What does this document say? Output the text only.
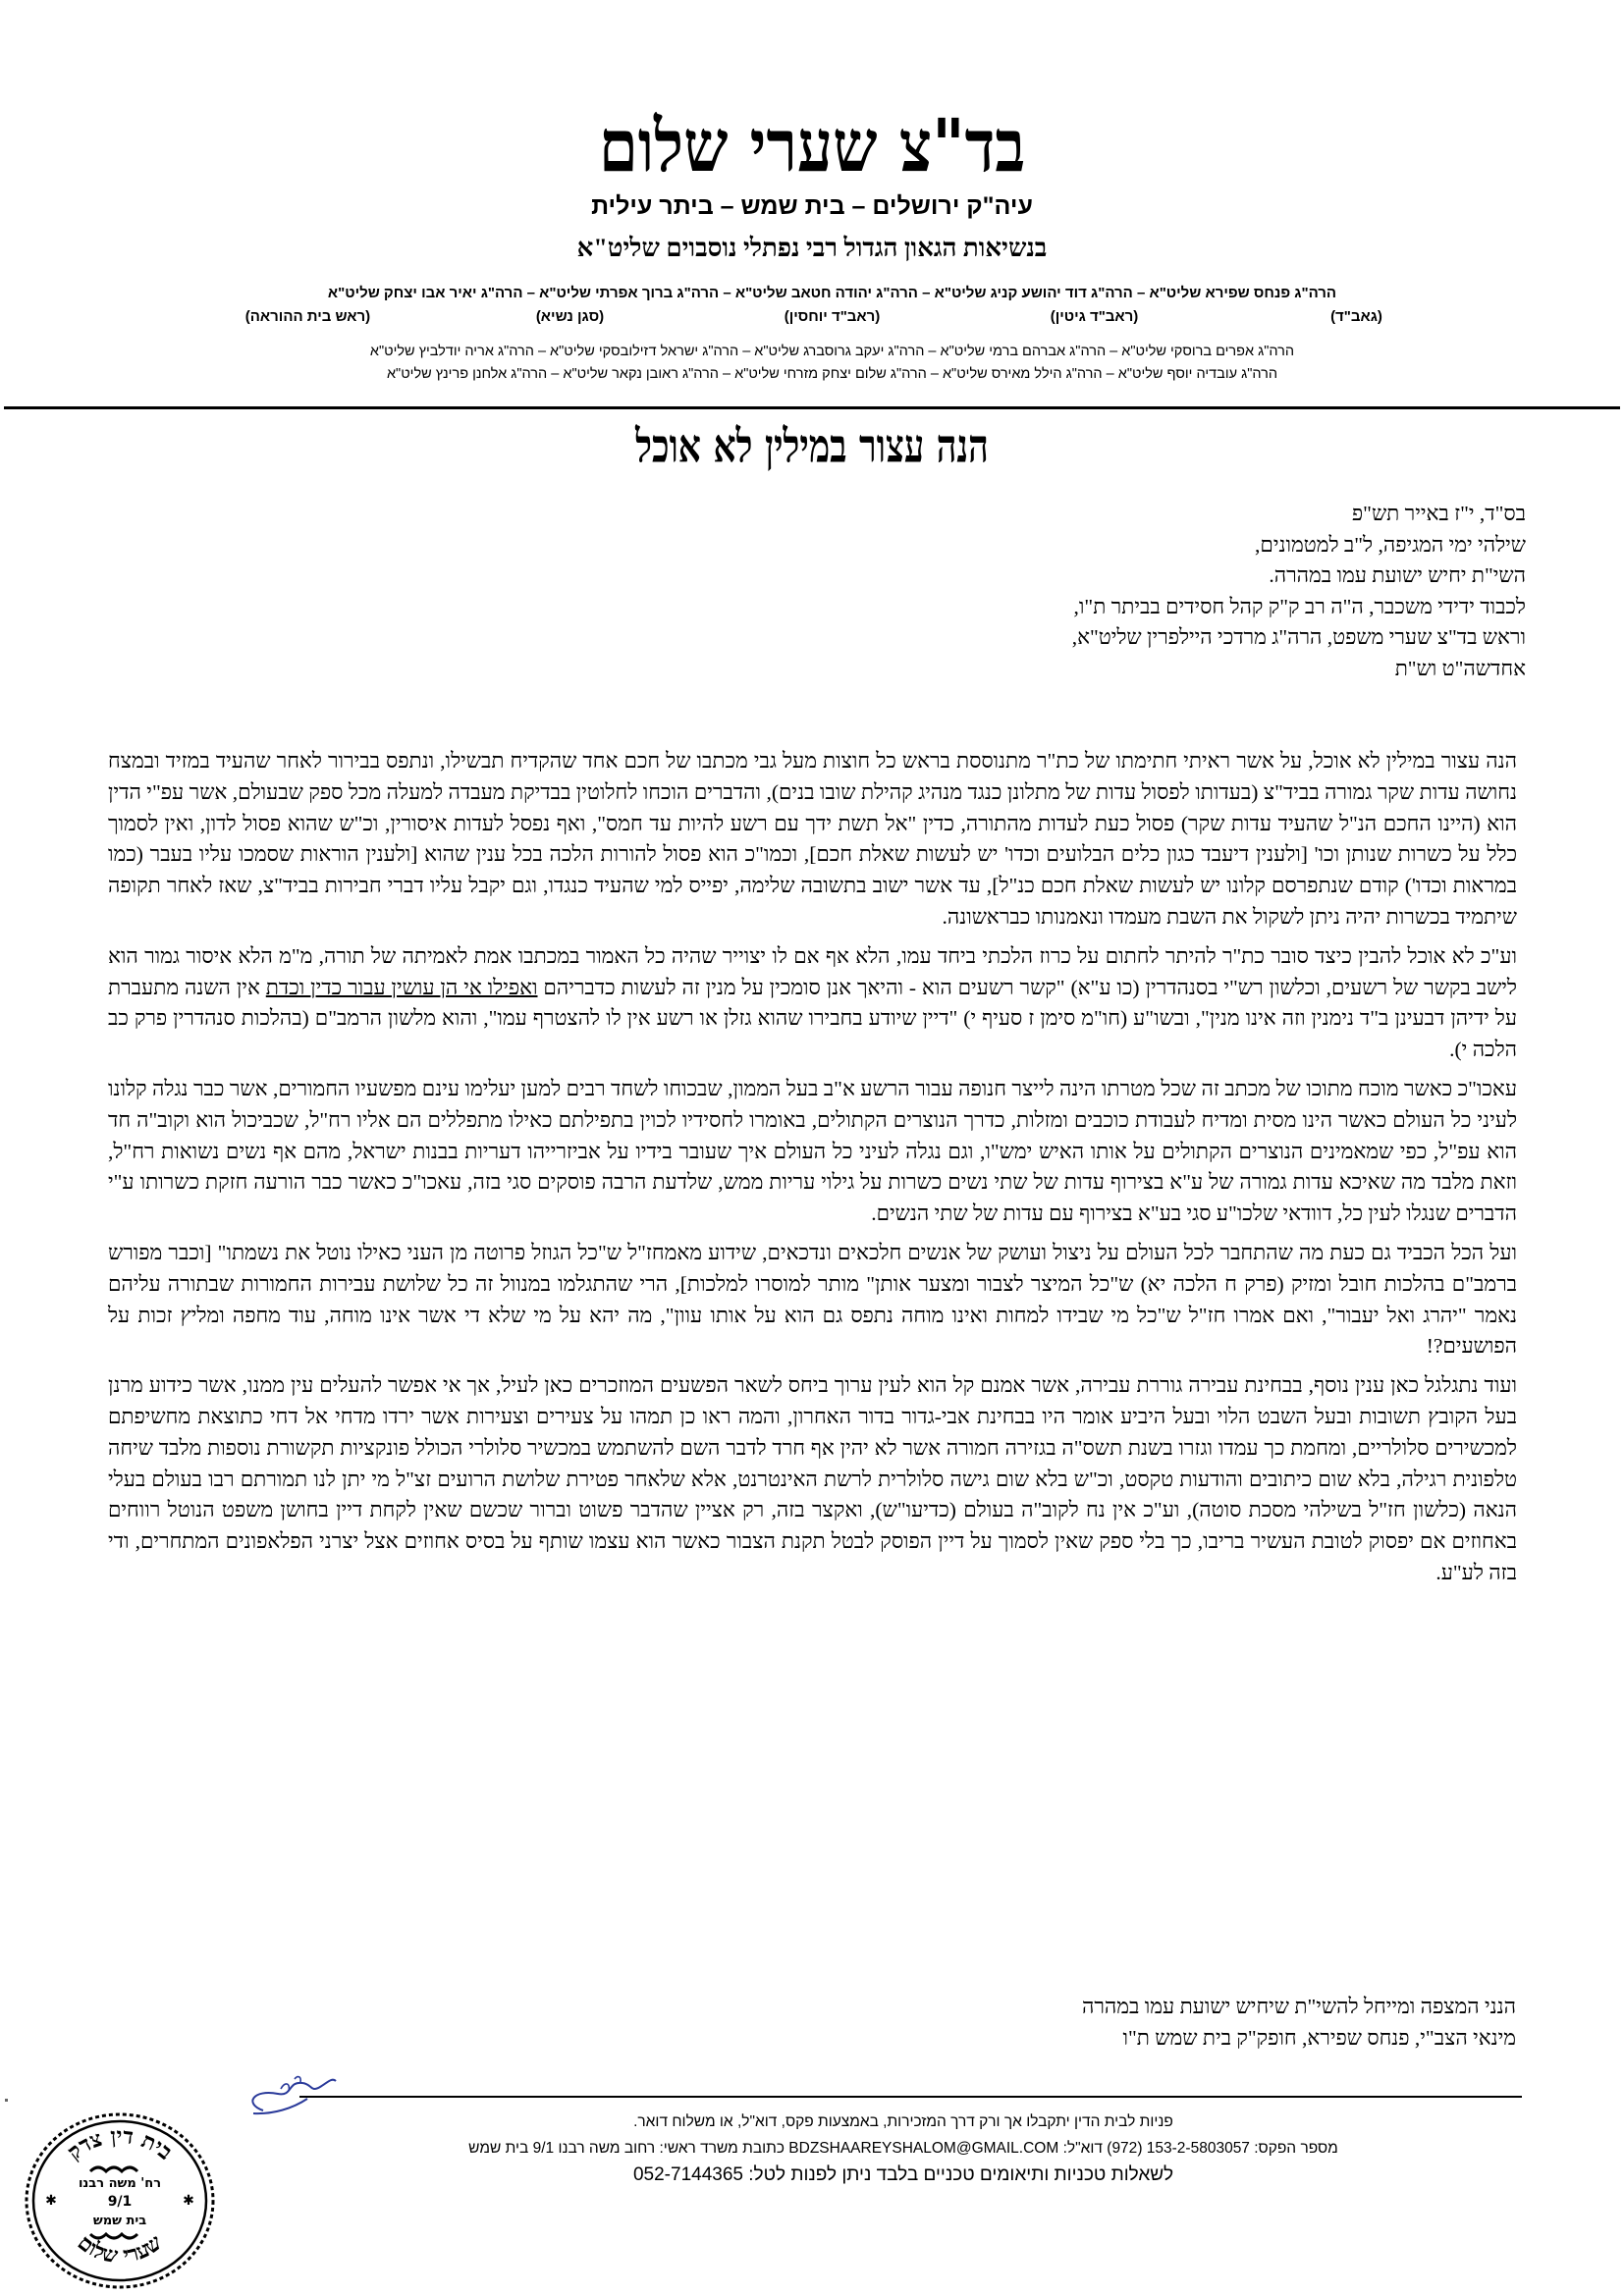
בד"צ שערי שלום
עיה"ק ירושלים – בית שמש – ביתר עילית
בנשיאות הגאון הגדול רבי נפתלי נוסבוים שליט"א
הרה"ג פנחס שפירא שליט"א – הרה"ג דוד יהושע קניג שליט"א – הרה"ג יהודה חטאב שליט"א – הרה"ג ברוך אפרתי שליט"א – הרה"ג יאיר אבו יצחק שליט"א
(גאב"ד)
(ראב"ד גיטין)
(ראב"ד יוחסין)
(סגן נשיא)
(ראש בית ההוראה)
הרה"ג אפרים ברוסקי שליט"א – הרה"ג אברהם ברמי שליט"א – הרה"ג יעקב גרוסברג שליט"א – הרה"ג ישראל דזילובסקי שליט"א – הרה"ג אריה יודלביץ שליט"א
הרה"ג עובדיה יוסף שליט"א – הרה"ג הילל מאירס שליט"א – הרה"ג שלום יצחק מזרחי שליט"א – הרה"ג ראובן נקאר שליט"א – הרה"ג אלחנן פרינץ שליט"א
הנה עצור במילין לא אוכל
בס"ד, י"ז באייר תש"פ
שילהי ימי המגיפה, ל"ב למטמונים,
השי"ת יחיש ישועת עמו במהרה.
לכבוד ידידי משכבר, ה"ה רב ק"ק קהל חסידים בביתר ת"ו,
וראש בד"צ שערי משפט, הרה"ג מרדכי היילפרין שליט"א,
אחדשה"ט וש"ת

הנה עצור במילין לא אוכל, על אשר ראיתי חתימתו של כת"ר מתנוססת בראש כל חוצות מעל גבי מכתבו של חכם אחד שהקדיח תבשילו, ונתפס בבירור לאחר שהעיד במזיד ובמצח נחושה עדות שקר גמורה בביד"צ (בעדותו לפסול עדות של מתלונן כנגד מנהיג קהילת שובו בנים), והדברים הוכחו לחלוטין בבדיקת מעבדה למעלה מכל ספק שבעולם, אשר עפ"י הדין הוא (היינו החכם הנ"ל שהעיד עדות שקר) פסול כעת לעדות מהתורה, כדין "אל תשת ידך עם רשע להיות עד חמס", ואף נפסל לעדות איסורין, וכ"ש שהוא פסול לדון, ואין לסמוך כלל על כשרות שנותן וכו' [ולענין דיעבד כגון כלים הבלועים וכדו' יש לעשות שאלת חכם], וכמו"כ הוא פסול להורות הלכה בכל ענין שהוא [ולענין הוראות שסמכו עליו בעבר (כמו במראות וכדו') קודם שנתפרסם קלונו יש לעשות שאלת חכם כנ"ל], עד אשר ישוב בתשובה שלימה, יפייס למי שהעיד כנגדו, וגם יקבל עליו דברי חבירות בביד"צ, שאז לאחר תקופה שיתמיד בכשרות יהיה ניתן לשקול את השבת מעמדו ונאמנותו כבראשונה.

וע"כ לא אוכל להבין כיצד סובר כת"ר להיתר לחתום על כרוז הלכתי ביחד עמו, הלא אף אם לו יצוייר שהיה כל האמור במכתבו אמת לאמיתה של תורה, מ"מ הלא איסור גמור הוא לישב בקשר של רשעים, וכלשון רש"י בסנהדרין (כו ע"א) "קשר רשעים הוא - והיאך אנן סומכין על מנין זה לעשות כדבריהם ואפילו אי הן עושין עבור כדין וכדת אין השנה מתעברת על ידיהן דבעינן ב"ד נימנין וזה אינו מנין", ובשו"ע (חו"מ סימן ז סעיף י) "דיין שיודע בחבירו שהוא גזלן או רשע אין לו להצטרף עמו", והוא מלשון הרמב"ם (בהלכות סנהדרין פרק כב הלכה י).

עאכו"כ כאשר מוכח מתוכו של מכתב זה שכל מטרתו הינה לייצר חנופה עבור הרשע א"ב בעל הממון, שבכוחו לשחד רבים למען יעלימו עינם מפשעיו החמורים, אשר כבר נגלה קלונו לעיני כל העולם כאשר הינו מסית ומדיח לעבודת כוכבים ומזלות, כדרך הנוצרים הקתולים, באומרו לחסידיו לכוין בתפילתם כאילו מתפללים הם אליו רח"ל, שכביכול הוא וקוב"ה חד הוא עפ"ל, כפי שמאמינים הנוצרים הקתולים על אותו האיש ימש"ו, וגם נגלה לעיני כל העולם איך שעובר בידיו על אביזרייהו דעריות בבנות ישראל, מהם אף נשים נשואות רח"ל, וזאת מלבד מה שאיכא עדות גמורה של ע"א בצירוף עדות של שתי נשים כשרות על גילוי עריות ממש, שלדעת הרבה פוסקים סגי בזה, עאכו"כ כאשר כבר הורעה חזקת כשרותו ע"י הדברים שנגלו לעין כל, דוודאי שלכו"ע סגי בע"א בצירוף עם עדות של שתי הנשים.

ועל הכל הכביד גם כעת מה שהתחבר לכל העולם על ניצול ועושק של אנשים חלכאים ונדכאים, שידוע מאמחז"ל ש"כל הגוזל פרוטה מן העני כאילו נוטל את נשמתו" [וכבר מפורש ברמב"ם בהלכות חובל ומזיק (פרק ח הלכה יא) ש"כל המיצר לצבור ומצער אותן" מותר למוסרו למלכות], הרי שהתגלמו במנוול זה כל שלושת עבירות החמורות שבתורה עליהם נאמר "יהרג ואל יעבור", ואם אמרו חז"ל ש"כל מי שבידו למחות ואינו מוחה נתפס גם הוא על אותו עוון", מה יהא על מי שלא די אשר אינו מוחה, עוד מחפה ומליץ זכות על הפושעים?!

ועוד נתגלגל כאן ענין נוסף, בבחינת עבירה גוררת עבירה, אשר אמנם קל הוא לעין ערוך ביחס לשאר הפשעים המוזכרים כאן לעיל, אך אי אפשר להעלים עין ממנו, אשר כידוע מרנן בעל הקובץ תשובות ובעל השבט הלוי ובעל היביע אומר היו בבחינת אבי-גדור בדור האחרון, והמה ראו כן תמהו על צעירים וצעירות אשר ירדו מדחי אל דחי כתוצאת מחשיפתם למכשירים סלולריים, ומחמת כך עמדו וגזרו בשנת תשס"ה בגזירה חמורה אשר לא יהין אף חרד לדבר השם להשתמש במכשיר סלולרי הכולל פונקציות תקשורת נוספות מלבד שיחה טלפונית רגילה, בלא שום כיתובים והודעות טקסט, וכ"ש בלא שום גישה סלולרית לרשת האינטרנט, אלא שלאחר פטירת שלושת הרועים זצ"ל מי יתן לנו תמורתם רבו בעולם בעלי הנאה (כלשון חז"ל בשילהי מסכת סוטה), וע"כ אין נח לקוב"ה בעולם (כדיעו"ש), ואקצר בזה, רק אציין שהדבר פשוט וברור שכשם שאין לקחת דיין בחושן משפט הנוטל רווחים באחוזים אם יפסוק לטובת העשיר בריבו, כך בלי ספק שאין לסמוך על דיין הפוסק לבטל תקנת הצבור כאשר הוא עצמו שותף על בסיס אחוזים אצל יצרני הפלאפונים המתחרים, ודי בזה לע"ע.

הנני המצפה ומייחל להשי"ת שיחיש ישועת עמו במהרה
מינאי הצב"י, פנחס שפירא, חופק"ק בית שמש ת"ו
פניות לבית הדין יתקבלו אך ורק דרך המזכירות, באמצעות פקס, דוא"ל, או משלוח דואר.
מספר הפקס: 153-2-5803057 (972) דוא"ל: BDZSHAAREYSHALOM@GMAIL.COM כתובת משרד ראשי: רחוב משה רבנו 9/1 בית שמש
לשאלות טכניות ותיאומים טכניים בלבד ניתן לפנות לטל: 052-7144365
בית דין צדק
שערי שלום
רח' משה רבנו
9/1
בית שמש
✱	✱
